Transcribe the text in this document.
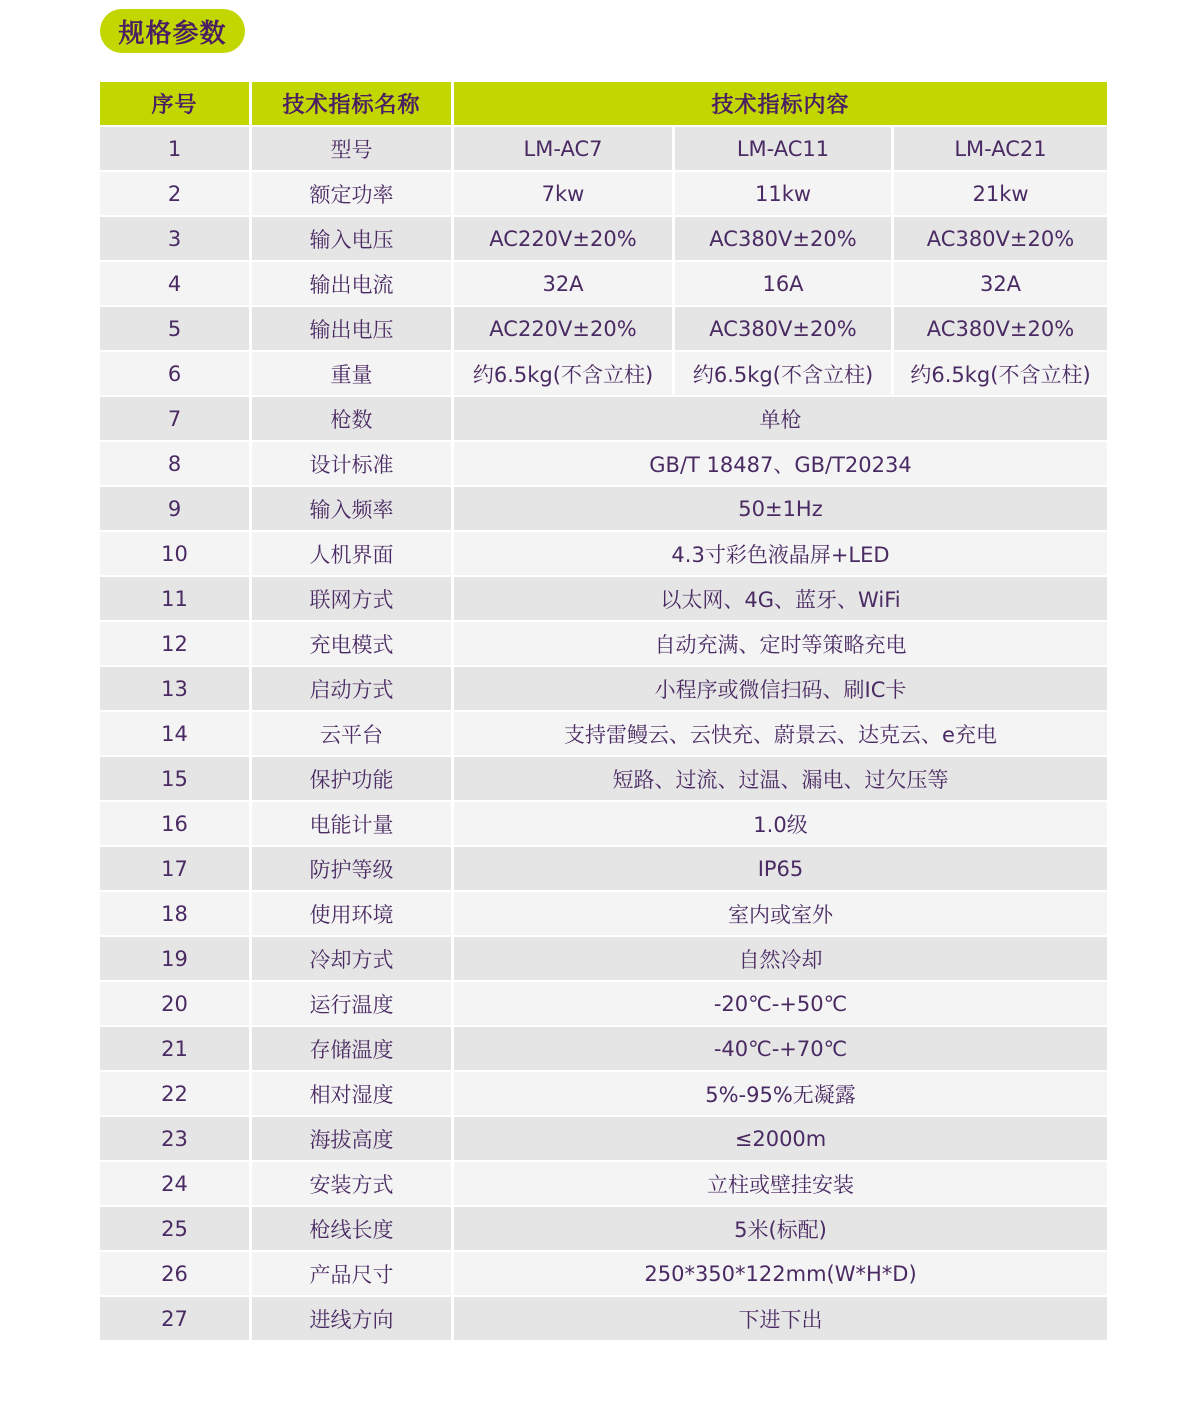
规格参数
序号	技术指标名称	技术指标内容
1	型号	LM-AC7	LM-AC11	LM-AC21
2	额定功率	7kw	11kw	21kw
3	输入电压	AC220V±20%	AC380V±20%	AC380V±20%
4	输出电流	32A	16A	32A
5	输出电压	AC220V±20%	AC380V±20%	AC380V±20%
6	重量	约6.5kg(不含立柱)	约6.5kg(不含立柱)	约6.5kg(不含立柱)
7	枪数	单枪
8	设计标准	GB/T 18487、GB/T20234
9	输入频率	50±1Hz
10	人机界面	4.3寸彩色液晶屏+LED
11	联网方式	以太网、4G、蓝牙、WiFi
12	充电模式	自动充满、定时等策略充电
13	启动方式	小程序或微信扫码、刷IC卡
14	云平台	支持雷鳗云、云快充、蔚景云、达克云、e充电
15	保护功能	短路、过流、过温、漏电、过欠压等
16	电能计量	1.0级
17	防护等级	IP65
18	使用环境	室内或室外
19	冷却方式	自然冷却
20	运行温度	-20℃-+50℃
21	存储温度	-40℃-+70℃
22	相对湿度	5%-95%无凝露
23	海拔高度	≤2000m
24	安装方式	立柱或壁挂安装
25	枪线长度	5米(标配)
26	产品尺寸	250*350*122mm(W*H*D)
27	进线方向	下进下出
